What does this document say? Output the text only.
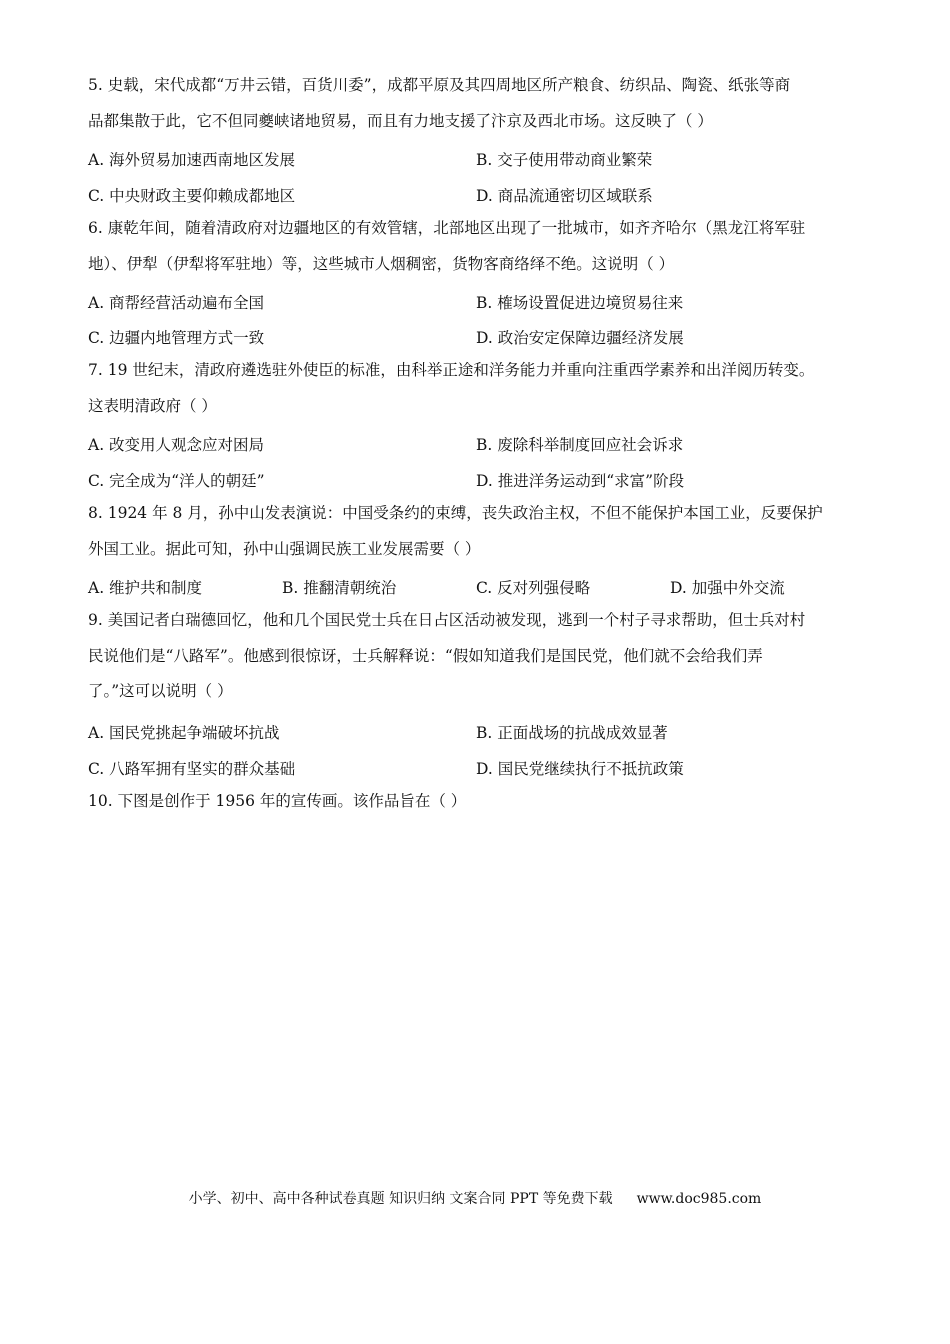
5. 史载，宋代成都“万井云错，百货川委”，成都平原及其四周地区所产粮食、纺织品、陶瓷、纸张等商
品都集散于此，它不但同夔峡诸地贸易，而且有力地支援了汴京及西北市场。这反映了（ ）
A. 海外贸易加速西南地区发展	B. 交子使用带动商业繁荣
C. 中央财政主要仰赖成都地区	D. 商品流通密切区域联系
6. 康乾年间，随着清政府对边疆地区的有效管辖，北部地区出现了一批城市，如齐齐哈尔（黑龙江将军驻
地）、伊犁（伊犁将军驻地）等，这些城市人烟稠密，货物客商络绎不绝。这说明（ ）
A. 商帮经营活动遍布全国	B. 榷场设置促进边境贸易往来
C. 边疆内地管理方式一致	D. 政治安定保障边疆经济发展
7. 19 世纪末，清政府遴选驻外使臣的标准，由科举正途和洋务能力并重向注重西学素养和出洋阅历转变。
这表明清政府（ ）
A. 改变用人观念应对困局	B. 废除科举制度回应社会诉求
C. 完全成为“洋人的朝廷”	D. 推进洋务运动到“求富”阶段
8. 1924 年 8 月，孙中山发表演说：中国受条约的束缚，丧失政治主权，不但不能保护本国工业，反要保护
外国工业。据此可知，孙中山强调民族工业发展需要（ ）
A. 维护共和制度	B. 推翻清朝统治	C. 反对列强侵略	D. 加强中外交流
9. 美国记者白瑞德回忆，他和几个国民党士兵在日占区活动被发现，逃到一个村子寻求帮助，但士兵对村
民说他们是“八路军”。他感到很惊讶，士兵解释说：“假如知道我们是国民党，他们就不会给我们弄
了。”这可以说明（ ）
A. 国民党挑起争端破坏抗战	B. 正面战场的抗战成效显著
C. 八路军拥有坚实的群众基础	D. 国民党继续执行不抵抗政策
10. 下图是创作于 1956 年的宣传画。该作品旨在（ ）
小学、初中、高中各种试卷真题 知识归纳 文案合同 PPT 等免费下载 www.doc985.com
